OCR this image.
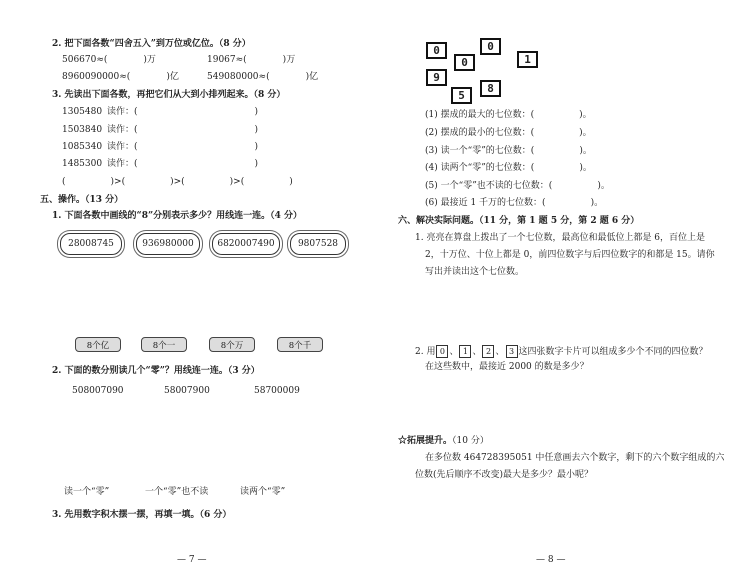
2. 把下面各数“四舍五入”到万位或亿位。（8 分）
506670≈(　　　　)万	19067≈(　　　　)万
8960090000≈(　　　　)亿	549080000≈(　　　　)亿
3. 先读出下面各数，再把它们从大到小排列起来。（8 分）
1305480 读作：(　　　　　　　　　　　　　)
1503840 读作：(　　　　　　　　　　　　　)
1085340 读作：(　　　　　　　　　　　　　)
1485300 读作：(　　　　　　　　　　　　　)
(　　　　　)>(　　　　　)>(　　　　　)>(　　　　　)
五、操作。（13 分）
1. 下面各数中画线的“8”分别表示多少？用线连一连。（4 分）
28008745	936980000	6820007490	9807528
8个亿	8个一	8个万	8个千
2. 下面的数分别读几个“零”？用线连一连。（3 分）
508007090	58007900	58700009
读一个“零”	一个“零”也不读	读两个“零”
3. 先用数字积木摆一摆，再填一填。（6 分）
— 7 —
0	0
0	1
9
8
5
(1) 摆成的最大的七位数：(　　　　　)。
(2) 摆成的最小的七位数：(　　　　　)。
(3) 读一个“零”的七位数：(　　　　　)。
(4) 读两个“零”的七位数：(　　　　　)。
(5) 一个“零”也不读的七位数：(　　　　　)。
(6) 最接近 1 千万的七位数：(　　　　　)。
六、解决实际问题。（11 分，第 1 题 5 分，第 2 题 6 分）
1. 亮亮在算盘上拨出了一个七位数，最高位和最低位上都是 6，百位上是
2，十万位、十位上都是 0，前四位数字与后四位数字的和都是 15。请你
写出并读出这个七位数。
2. 用 0 、 1 、 2 、 3 这四张数字卡片可以组成多少个不同的四位数？
在这些数中，最接近 2000 的数是多少？
☆拓展提升。（10 分）
在多位数 464728395051 中任意画去六个数字，剩下的六个数字组成的六
位数(先后顺序不改变)最大是多少？最小呢？
— 8 —
